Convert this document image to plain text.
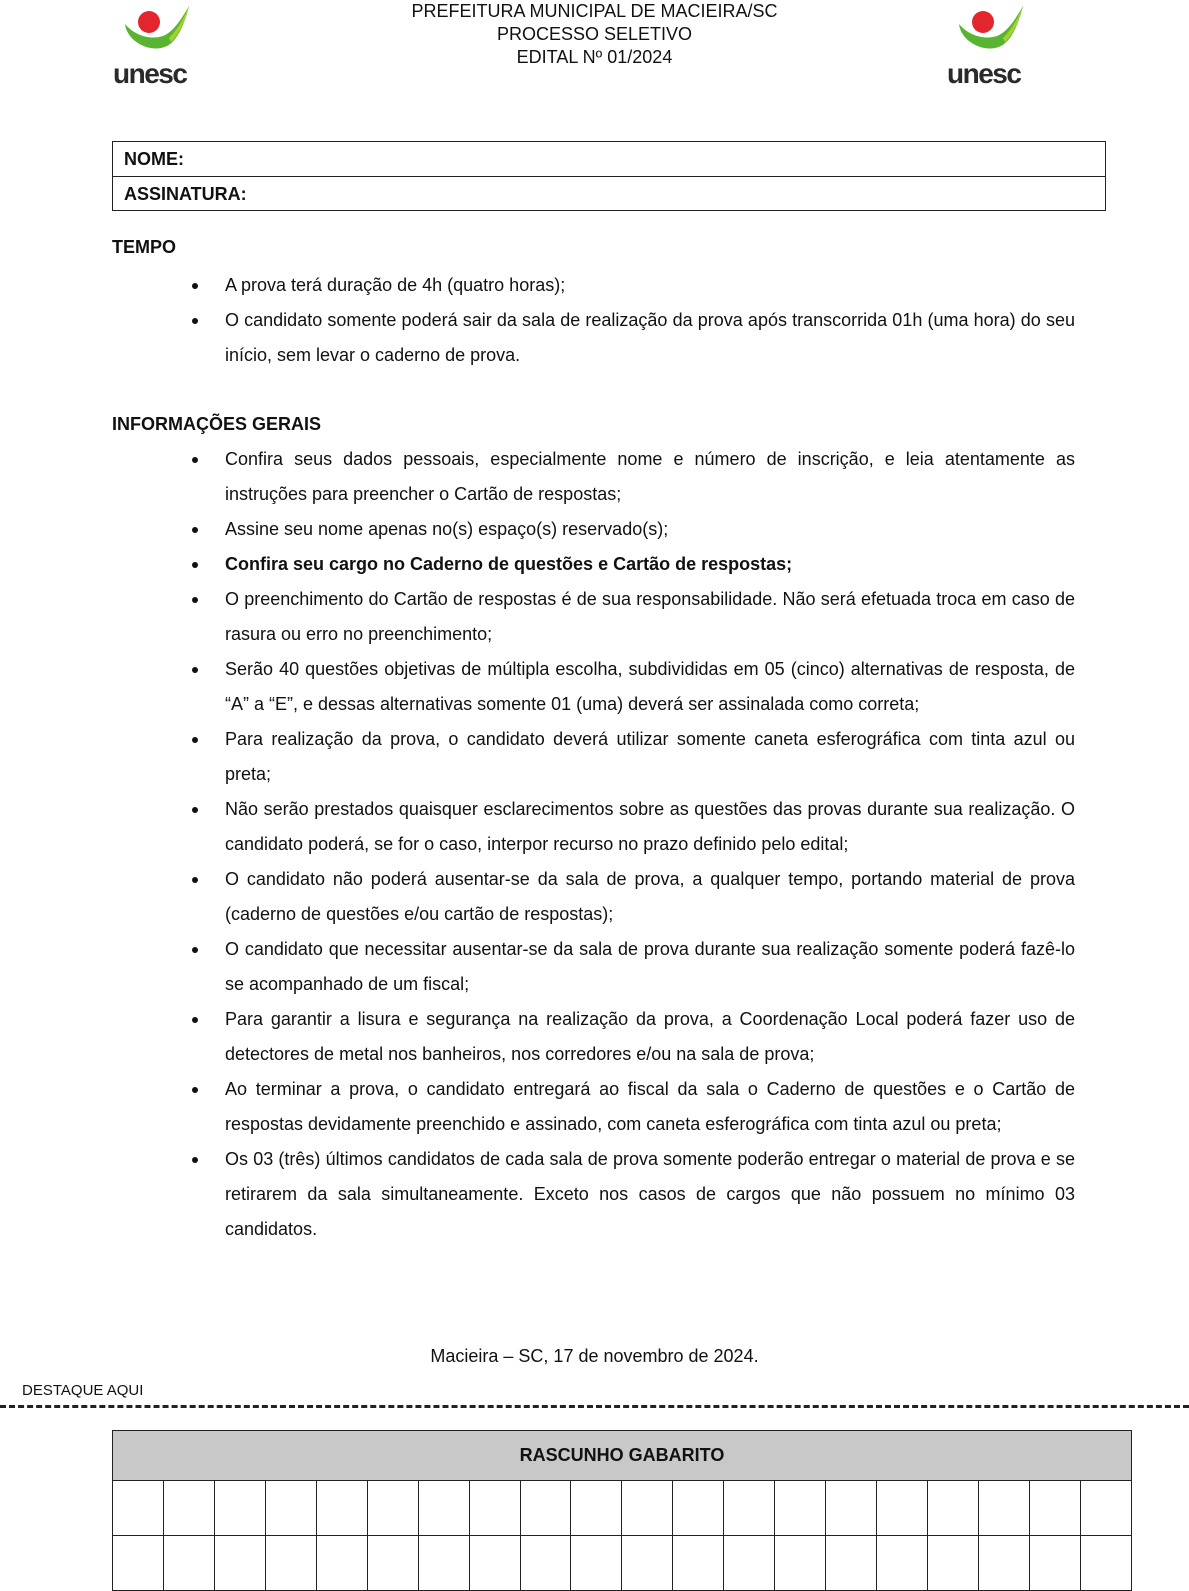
unesc	unesc
PREFEITURA MUNICIPAL DE MACIEIRA/SC
PROCESSO SELETIVO
EDITAL Nº 01/2024
NOME:
ASSINATURA:
TEMPO
A prova terá duração de 4h (quatro horas);
O candidato somente poderá sair da sala de realização da prova após transcorrida 01h (uma hora) do seu início, sem levar o caderno de prova.
INFORMAÇÕES GERAIS
Confira seus dados pessoais, especialmente nome e número de inscrição, e leia atentamente as instruções para preencher o Cartão de respostas;
Assine seu nome apenas no(s) espaço(s) reservado(s);
Confira seu cargo no Caderno de questões e Cartão de respostas;
O preenchimento do Cartão de respostas é de sua responsabilidade. Não será efetuada troca em caso de rasura ou erro no preenchimento;
Serão 40 questões objetivas de múltipla escolha, subdivididas em 05 (cinco) alternativas de resposta, de “A” a “E”, e dessas alternativas somente 01 (uma) deverá ser assinalada como correta;
Para realização da prova, o candidato deverá utilizar somente caneta esferográfica com tinta azul ou preta;
Não serão prestados quaisquer esclarecimentos sobre as questões das provas durante sua realização. O candidato poderá, se for o caso, interpor recurso no prazo definido pelo edital;
O candidato não poderá ausentar-se da sala de prova, a qualquer tempo, portando material de prova (caderno de questões e/ou cartão de respostas);
O candidato que necessitar ausentar-se da sala de prova durante sua realização somente poderá fazê-lo se acompanhado de um fiscal;
Para garantir a lisura e segurança na realização da prova, a Coordenação Local poderá fazer uso de detectores de metal nos banheiros, nos corredores e/ou na sala de prova;
Ao terminar a prova, o candidato entregará ao fiscal da sala o Caderno de questões e o Cartão de respostas devidamente preenchido e assinado, com caneta esferográfica com tinta azul ou preta;
Os 03 (três) últimos candidatos de cada sala de prova somente poderão entregar o material de prova e se retirarem da sala simultaneamente. Exceto nos casos de cargos que não possuem no mínimo 03 candidatos.
Macieira – SC, 17 de novembro de 2024.
DESTAQUE AQUI
RASCUNHO GABARITO																			
